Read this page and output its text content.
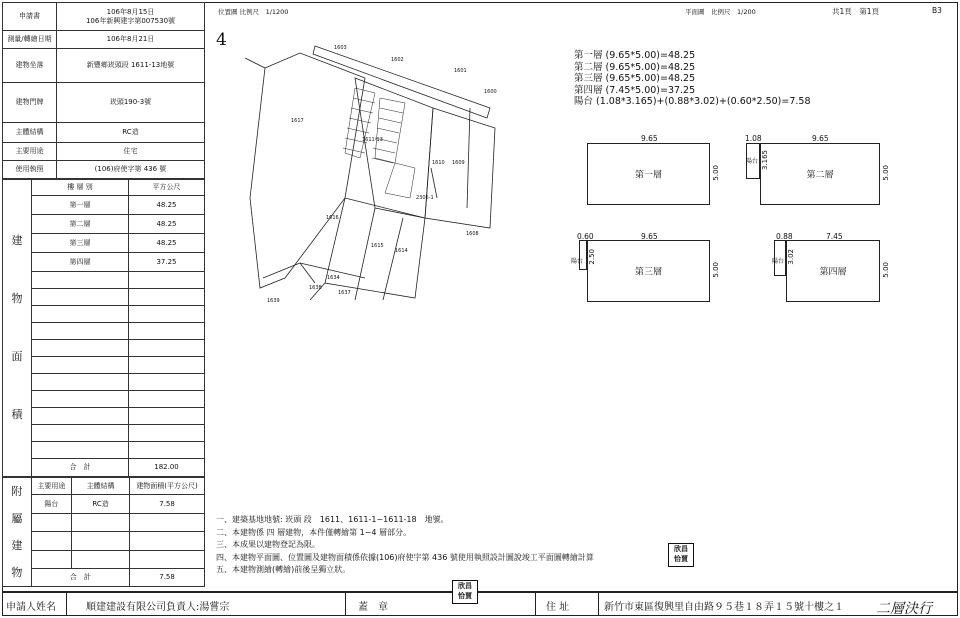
申請書	106年8月15日
106年新興建字第007530號

測量/轉繪日期	106年8月21日
建物坐落	新豐鄉崁頭段 1611-13地號
建物門牌	崁頭190-3號
主體結構	RC造
主要用途	住宅
使用執照	(106)府使字第 436 號
建
物
面
積	樓 層 別	平方公尺
	第一層	48.25
	第二層	48.25
	第三層	48.25
	第四層	37.25

	合　計	182.00
附
屬
建
物	主要用途	主體結構	建物面積(平方公尺)
	陽台	RC造	7.58

	合　計		7.58
位置圖 比例尺　1/1200
4	1603
1602
1601
1600
1617
1609
1616
1608
1615
1614
1634
1638
1637
1639
1610
1611-13
2306-1
平面圖　比例尺　1/200	共1頁　第1頁	B3
第一層 (9.65*5.00)=48.25
第二層 (9.65*5.00)=48.25
第三層 (9.65*5.00)=48.25
第四層 (7.45*5.00)=37.25
陽台 (1.08*3.165)+(0.88*3.02)+(0.60*2.50)=7.58
第一層
9.65
5.00	第二層
陽台
1.08
3.165
9.65
5.00
第三層
陽台
0.60
2.50
9.65
5.00	第四層
陽台
0.88
3.02
7.45
5.00
一、建築基地地號: 崁頭 段　1611、1611-1~1611-18　地號。
二、本建物係 四 層建物，本件僅轉繪第 1~4 層部分。
三、本成果以建物登記為限。
四、本建物平面圖、位置圖及建物面積係依據(106)府使字第 436 號使用執照設計圖說竣工平面圖轉繪計算
五、本建物測繪(轉繪)前後呈獨立狀。
欣昌
恰賈
申請人姓名	順建建設有限公司負責人:湯嘗宗	蓋　章
欣昌
恰賈
住 址	新竹市東區復興里自由路９５巷１８弄１５號十樓之１ 二層決行
